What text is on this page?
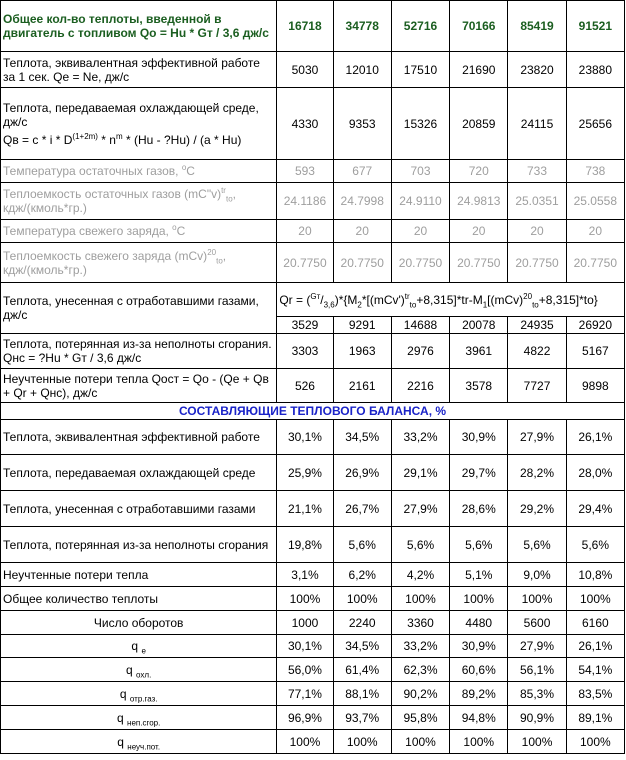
Общее кол-во теплоты, введенной в двигатель с топливом Qо = Hu * Gт / 3,6 дж/с	16718	34778	52716	70166	85419	91521
Теплота, эквивалентная эффективной работе за 1 сек. Qе = Ne, дж/с	5030	12010	17510	21690	23820	23880

Теплота, передаваемая охлаждающей среде, дж/с
Qв = с * i * $D^{(1+2m)} * n^m * (Hu$ - ?Hu) / (a * Hu)	4330	9353	15326	20859	24115	25656
Температура остаточных газов, $^o$C	593	677	703	720	733	738
Теплоемкость остаточных газов (mC"v)$^{tr}_{to}$, кдж/(кмоль*гр.)	24.1186	24.7998	24.9110	24.9813	25.0351	25.0558
Температура свежего заряда, $^o$C	20	20	20	20	20	20
Теплоемкость свежего заряда (mCv)$^{20}_{to}$, кдж/(кмоль*гр.)	20.7750	20.7750	20.7750	20.7750	20.7750	20.7750
Теплота, унесенная с отработавшими газами, дж/с	$Qr = (^{Gт}/_{3,6})*\{M_2*[(mCv')^{tr}_{to}+8,315]*tr-M_1[(mCv)^{20}_{to}+8,315]*to\}$					
	3529	9291	14688	20078	24935	26920
Теплота, потерянная из-за неполноты сгорания. Qнс = ?Hu * Gт / 3,6 дж/с	3303	1963	2976	3961	4822	5167
Неучтенные потери тепла Qост = Qо - (Qе + Qв + Qr + Qнс), дж/с	526	2161	2216	3578	7727	9898
СОСТАВЛЯЮЩИЕ ТЕПЛОВОГО БАЛАНСА, %						
Теплота, эквивалентная эффективной работе	30,1%	34,5%	33,2%	30,9%	27,9%	26,1%
Теплота, передаваемая охлаждающей среде	25,9%	26,9%	29,1%	29,7%	28,2%	28,0%
Теплота, унесенная с отработавшими газами	21,1%	26,7%	27,9%	28,6%	29,2%	29,4%
Теплота, потерянная из-за неполноты сгорания	19,8%	5,6%	5,6%	5,6%	5,6%	5,6%
Неучтенные потери тепла	3,1%	6,2%	4,2%	5,1%	9,0%	10,8%
Общее количество теплоты	100%	100%	100%	100%	100%	100%
Число оборотов	1000	2240	3360	4480	5600	6160
q $_е$	30,1%	34,5%	33,2%	30,9%	27,9%	26,1%
q $_{охл.}$	56,0%	61,4%	62,3%	60,6%	56,1%	54,1%
q $_{отр.газ.}$	77,1%	88,1%	90,2%	89,2%	85,3%	83,5%
q $_{неп.сгор.}$	96,9%	93,7%	95,8%	94,8%	90,9%	89,1%
q $_{неуч.пот.}$	100%	100%	100%	100%	100%	100%
